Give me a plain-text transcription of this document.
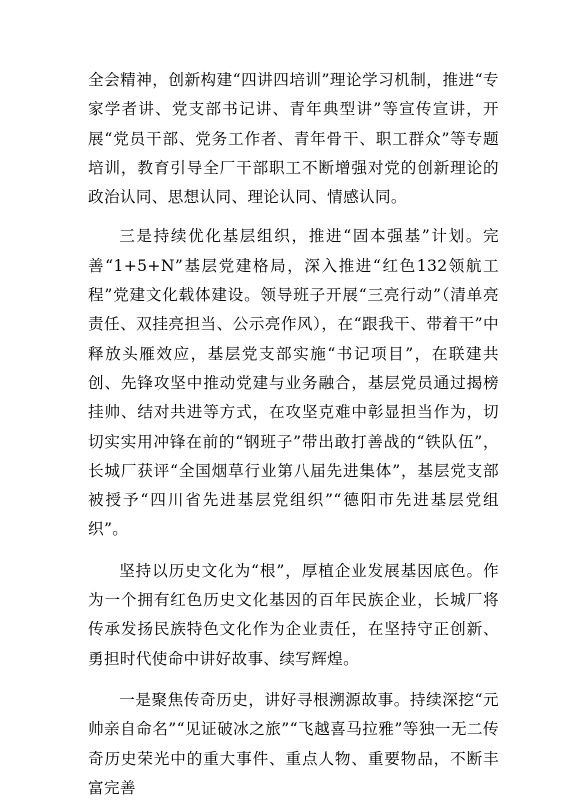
全会精神，创新构建“四讲四培训”理论学习机制，推进“专家学者讲、党支部书记讲、青年典型讲”等宣传宣讲，开展“党员干部、党务工作者、青年骨干、职工群众”等专题培训，教育引导全厂干部职工不断增强对党的创新理论的政治认同、思想认同、理论认同、情感认同。

三是持续优化基层组织，推进“固本强基”计划。完善“1+5+N”基层党建格局，深入推进“红色132领航工程”党建文化载体建设。领导班子开展“三亮行动”（清单亮责任、双挂亮担当、公示亮作风），在“跟我干、带着干”中释放头雁效应，基层党支部实施“书记项目”，在联建共创、先锋攻坚中推动党建与业务融合，基层党员通过揭榜挂帅、结对共进等方式，在攻坚克难中彰显担当作为，切切实实用冲锋在前的“钢班子”带出敢打善战的“铁队伍”，长城厂获评“全国烟草行业第八届先进集体”，基层党支部被授予“四川省先进基层党组织”“德阳市先进基层党组织”。

坚持以历史文化为“根”，厚植企业发展基因底色。作为一个拥有红色历史文化基因的百年民族企业，长城厂将传承发扬民族特色文化作为企业责任，在坚持守正创新、勇担时代使命中讲好故事、续写辉煌。

一是聚焦传奇历史，讲好寻根溯源故事。持续深挖“元帅亲自命名”“见证破冰之旅”“飞越喜马拉雅”等独一无二传奇历史荣光中的重大事件、重点人物、重要物品，不断丰富完善
